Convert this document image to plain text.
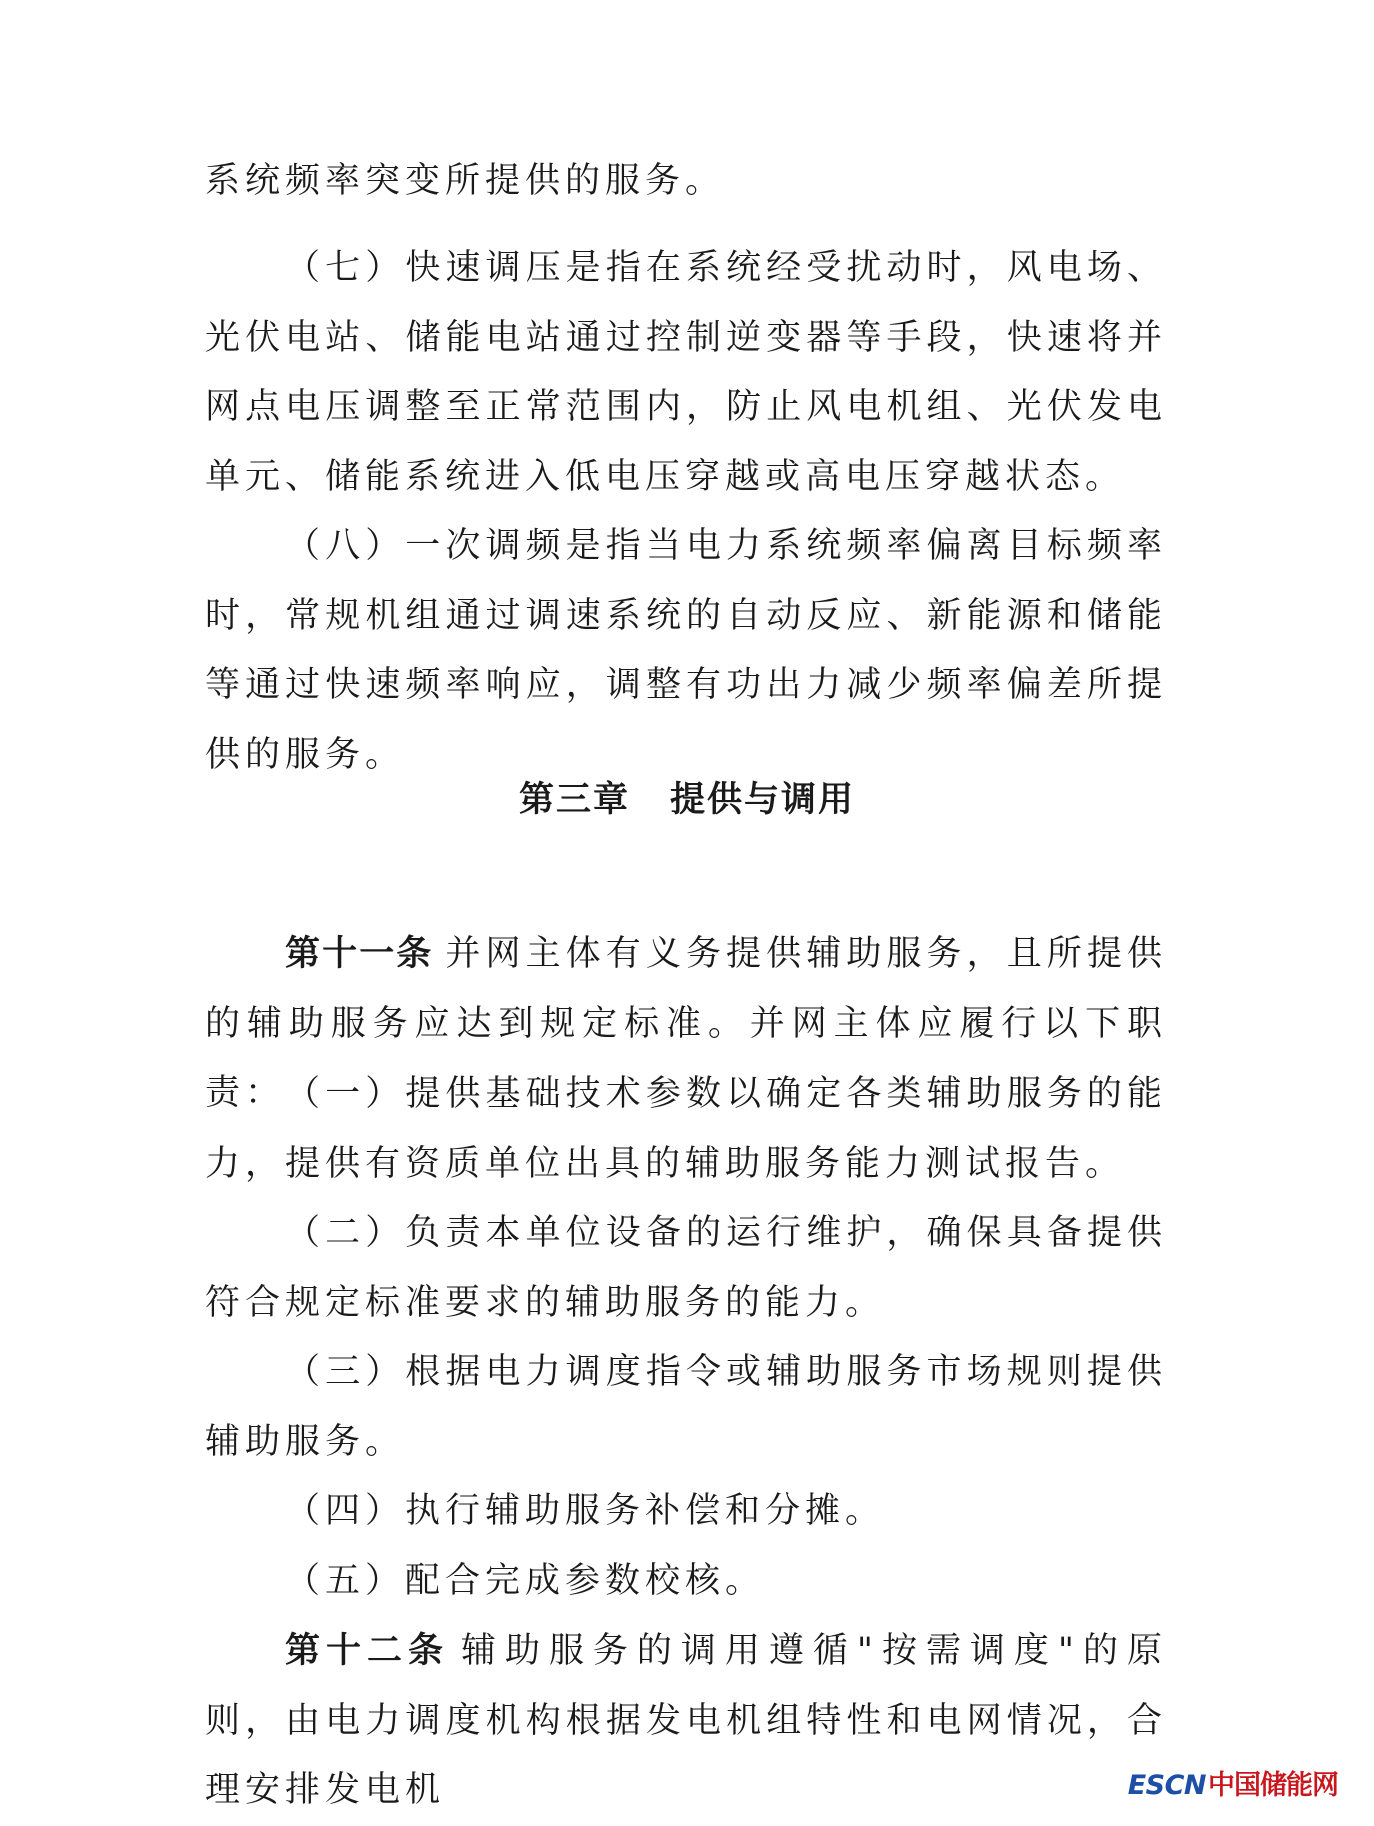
系统频率突变所提供的服务。

（七）快速调压是指在系统经受扰动时，风电场、光伏电站、储能电站通过控制逆变器等手段，快速将并网点电压调整至正常范围内，防止风电机组、光伏发电单元、储能系统进入低电压穿越或高电压穿越状态。

（八）一次调频是指当电力系统频率偏离目标频率时，常规机组通过调速系统的自动反应、新能源和储能等通过快速频率响应，调整有功出力减少频率偏差所提供的服务。

第三章 提供与调用

第十一条 并网主体有义务提供辅助服务，且所提供的辅助服务应达到规定标准。并网主体应履行以下职责： （一）提供基础技术参数以确定各类辅助服务的能力，提供有资质单位出具的辅助服务能力测试报告。

（二）负责本单位设备的运行维护，确保具备提供符合规定标准要求的辅助服务的能力。

（三）根据电力调度指令或辅助服务市场规则提供辅助服务。

（四）执行辅助服务补偿和分摊。

（五）配合完成参数校核。

第十二条 辅助服务的调用遵循"按需调度"的原则，由电力调度机构根据发电机组特性和电网情况，合理安排发电机	ESCN中国储能网
